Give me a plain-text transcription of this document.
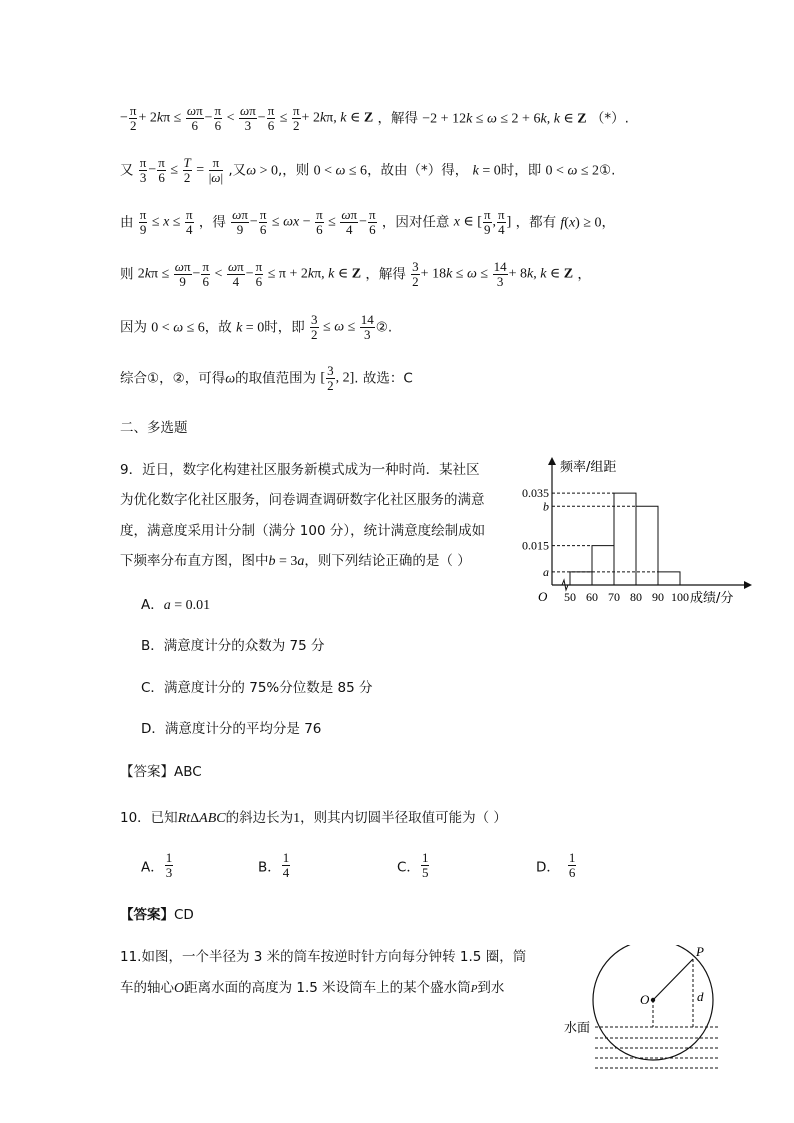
− $\frac{\pi}{2} + 2k\pi \le \frac{\omega\pi}{6} - \frac{\pi}{6} < \frac{\omega\pi}{3} - \frac{\pi}{6} \le \frac{\pi}{2} + 2k\pi$, k ∈ Z ，解得 −2 + 12k ≤ ω ≤ 2 + 6k, k ∈ Z （*）.
又 $\frac{\pi}{3} - \frac{\pi}{6} \le \frac{T}{2} = \frac{\pi}{|\omega|}$ ,又ω > 0,，则 0 < ω ≤ 6，故由（*）得， k = 0时，即 0 < ω ≤ 2①.
由 $\frac{\pi}{9} \le x \le \frac{\pi}{4}$ ，得 $\frac{\omega\pi}{9} - \frac{\pi}{6} \le \omega x - \frac{\pi}{6} \le \frac{\omega\pi}{4} - \frac{\pi}{6}$ ，因对任意 x ∈ [ $\frac{\pi}{9}$ , $\frac{\pi}{4}$ ] ，都有 f(x) ≥ 0，
则 $2k\pi \le \frac{\omega\pi}{9} - \frac{\pi}{6} < \frac{\omega\pi}{4} - \frac{\pi}{6} \le \pi + 2k\pi$, k ∈ Z ，解得 $\frac{3}{2} + 18k \le \omega \le \frac{14}{3} + 8k$, k ∈ Z ，
因为 0 < ω ≤ 6，故 k = 0时，即 $\frac{3}{2} \le \omega \le \frac{14}{3}$ ②.
综合①，②，可得ω的取值范围为 [ $\frac{3}{2}$ , 2]. 故选：C
二、多选题
9．近日，数字化构建社区服务新模式成为一种时尚．某社区
为优化数字化社区服务，问卷调查调研数字化社区服务的满意
度，满意度采用计分制（满分 100 分），统计满意度绘制成如
下频率分布直方图，图中b = 3a，则下列结论正确的是（ ）
A．a = 0.01
B．满意度计分的众数为 75 分
C．满意度计分的 75%分位数是 85 分
D．满意度计分的平均分是 76
【答案】ABC
0.035
b
0.015
a
50 60 70 80 90 100
O
频率/组距
成绩/分
10．已知RtΔABC的斜边长为1，则其内切圆半径取值可能为（ ）
A． $\frac{1}{3}$	B． $\frac{1}{4}$	C． $\frac{1}{5}$	D． $\frac{1}{6}$
【答案】CD
11.如图，一个半径为 3 米的筒车按逆时针方向每分钟转 1.5 圈，筒
车的轴心O距离水面的高度为 1.5 米设筒车上的某个盛水筒P到水
P
O	d
水面
